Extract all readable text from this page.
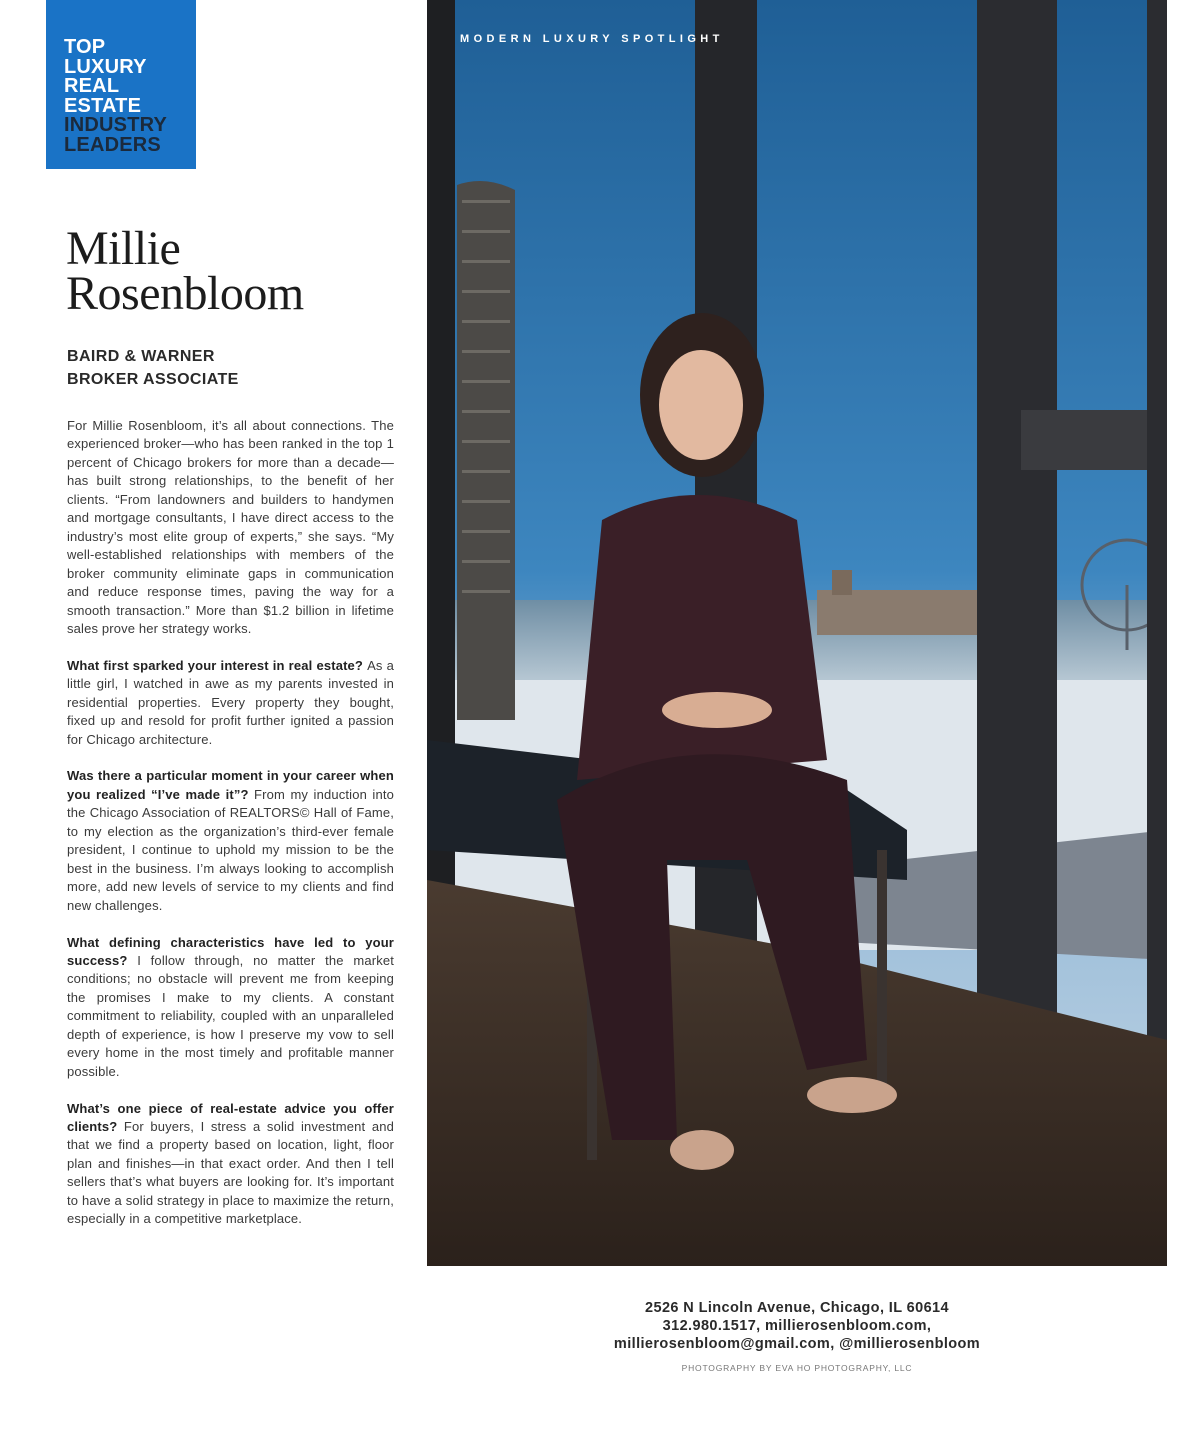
TOP
LUXURY
REAL
ESTATE
INDUSTRY
LEADERS
Millie
Rosenbloom
BAIRD & WARNER
BROKER ASSOCIATE

For Millie Rosenbloom, it’s all about connections. The experienced broker—who has been ranked in the top 1 percent of Chicago brokers for more than a decade—has built strong relationships, to the benefit of her clients. “From landowners and builders to handymen and mortgage consultants, I have direct access to the industry’s most elite group of experts,” she says. “My well-established relationships with members of the broker community eliminate gaps in communication and reduce response times, paving the way for a smooth transaction.” More than $1.2 billion in lifetime sales prove her strategy works.

What first sparked your interest in real estate? As a little girl, I watched in awe as my parents invested in residential properties. Every property they bought, fixed up and resold for profit further ignited a passion for Chicago architecture.

Was there a particular moment in your career when you realized “I’ve made it”? From my induction into the Chicago Association of REALTORS© Hall of Fame, to my election as the organization’s third-ever female president, I continue to uphold my mission to be the best in the business. I’m always looking to accomplish more, add new levels of service to my clients and find new challenges.

What defining characteristics have led to your success? I follow through, no matter the market conditions; no obstacle will prevent me from keeping the promises I make to my clients. A constant commitment to reliability, coupled with an unparalleled depth of experience, is how I preserve my vow to sell every home in the most timely and profitable manner possible.

What’s one piece of real-estate advice you offer clients? For buyers, I stress a solid investment and that we find a property based on location, light, floor plan and finishes—in that exact order. And then I tell sellers that’s what buyers are looking for. It’s important to have a solid strategy in place to maximize the return, especially in a competitive marketplace.

MODERN LUXURY SPOTLIGHT
2526 N Lincoln Avenue, Chicago, IL 60614
312.980.1517, millierosenbloom.com,
millierosenbloom@gmail.com, @millierosenbloom
PHOTOGRAPHY BY EVA HO PHOTOGRAPHY, LLC
